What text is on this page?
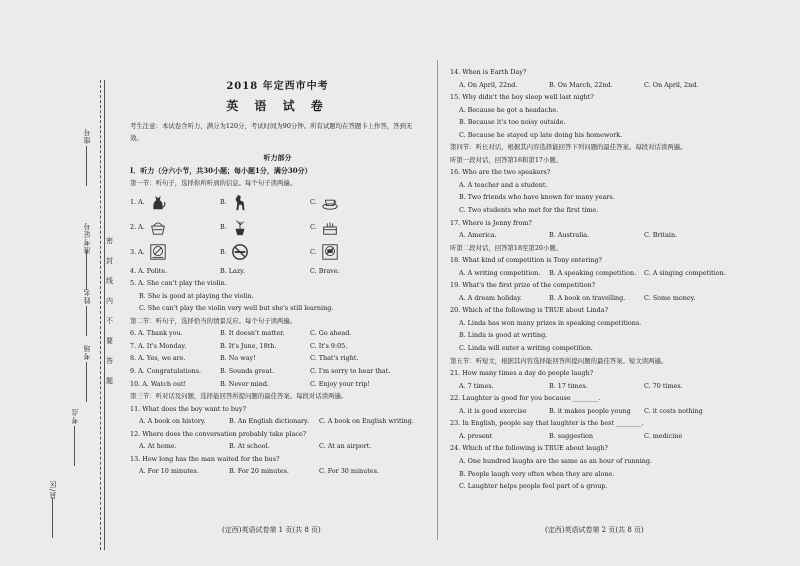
座号
准考证号
姓名
考场
考点
县/区
密
封
线
内
不
要
答
题

2018 年定西市中考

英 语 试 卷

考生注意：本试卷含听力，满分为120分，考试时间为90分钟。所有试题均在答题卡上作答，答到无效。

听力部分

Ⅰ．听力（分六小节，共30小题；每小题1分，满分30分）

第一节：听句子，选择你所听到的信息。每个句子读两遍。

1. A.	B.	C.
2. A.	B.	C.
3. A.	B.	C.

4. A. Polite.	B. Lazy.	C. Brave.

5. A. She can't play the violin.

B. She is good at playing the violin.

C. She can't play the violin very well but she's still learning.

第二节：听句子，选择恰当的情景反应。每个句子读两遍。

6. A. Thank you.	B. It doesn't matter.	C. Go ahead.

7. A. It's Monday.	B. It's June, 18th.	C. It's 9:05.

8. A. Yes, we are.	B. No way!	C. That's right.

9. A. Congratulations.	B. Sounds great.	C. I'm sorry to hear that.

10. A. Watch out!	B. Never mind.	C. Enjoy your trip!

第三节：听对话及问题，选择能回答所提问题的最佳答案。每段对话读两遍。

11. What does the boy want to buy?

A. A book on history.	B. An English dictionary.	C. A book on English writing.

12. Where does the conversation probably take place?

A. At home.	B. At school.	C. At an airport.

13. How long has the man waited for the bus?

A. For 10 minutes.	B. For 20 minutes.	C. For 30 minutes.

14. When is Earth Day?

A. On April, 22nd.	B. On March, 22nd.	C. On April, 2nd.

15. Why didn't the boy sleep well last night?

A. Because he got a headache.

B. Because it's too noisy outside.

C. Because he stayed up late doing his homework.

第四节：听长对话，根据其内容选择能回答下列问题的最佳答案。每段对话读两遍。

听第一段对话，回答第16和第17小题。

16. Who are the two speakers?

A. A teacher and a student.

B. Two friends who have known for many years.

C. Two students who met for the first time.

17. Where is Jenny from?

A. America.	B. Australia.	C. Britain.

听第二段对话，回答第18至第20小题。

18. What kind of competition is Tony entering?

A. A writing competition.	B. A speaking competition.	C. A singing competition.

19. What's the first prize of the competition?

A. A dream holiday.	B. A book on travelling.	C. Some money.

20. Which of the following is TRUE about Linda?

A. Linda has won many prizes in speaking competitions.

B. Linda is good at writing.

C. Linda will enter a writing competition.

第五节：听短文，根据其内容选择能回答所提问题的最佳答案。短文读两遍。

21. How many times a day do people laugh?

A. 7 times.	B. 17 times.	C. 70 times.

22. Laughter is good for you because ________.

A. it is good exercise	B. it makes people young	C. it costs nothing

23. In English, people say that laughter is the best ________.

A. present	B. suggestion	C. medicine

24. Which of the following is TRUE about laugh?

A. One hundred laughs are the same as an hour of running.

B. People laugh very often when they are alone.

C. Laughter helps people feel part of a group.

(定西)英语试卷第 1 页(共 8 页)	(定西)英语试卷第 2 页(共 8 页)
